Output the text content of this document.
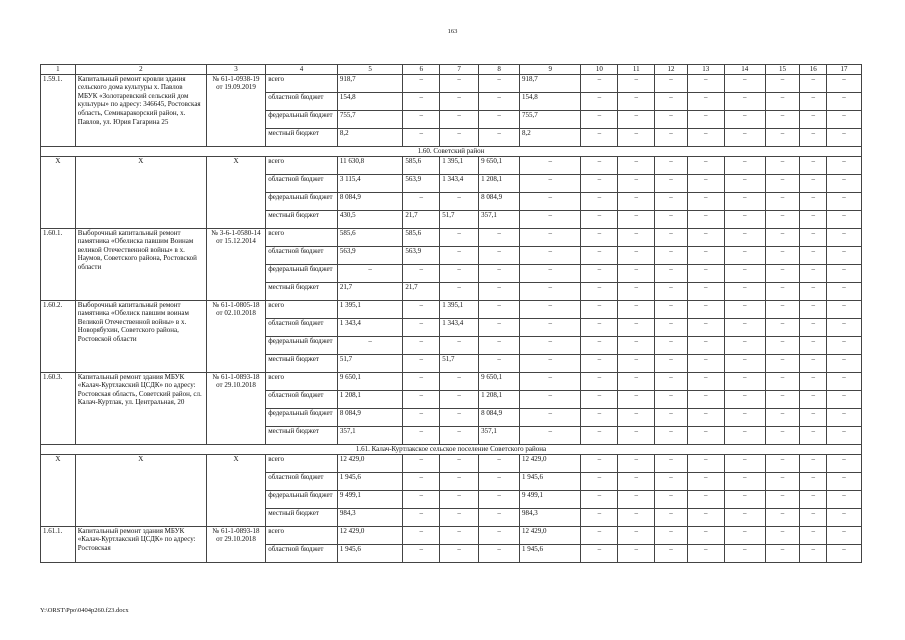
163
1	2	3	4	5	6	7	8	9	10	11	12	13	14	15	16	17
1.59.1.	Капитальный ремонт кровли здания сельского дома культуры х. Павлов МБУК «Золотаревский сельский дом культуры» по адресу: 346645, Ростовская область, Семикаракорский район, х. Павлов, ул. Юрия Гагарина 25	№ 61-1-0938-19 от 19.09.2019	всего	918,7	–	–	–	918,7	–	–	–	–	–	–	–	–
			областной бюджет	154,8	–	–	–	154,8	–	–	–	–	–	–	–	–
			федеральный бюджет	755,7	–	–	–	755,7	–	–	–	–	–	–	–	–
			местный бюджет	8,2	–	–	–	8,2	–	–	–	–	–	–	–	–
1.60. Советский район																
X	X	X	всего	11 630,8	585,6	1 395,1	9 650,1	–	–	–	–	–	–	–	–	–
			областной бюджет	3 115,4	563,9	1 343,4	1 208,1	–	–	–	–	–	–	–	–	–
			федеральный бюджет	8 084,9	–	–	8 084,9	–	–	–	–	–	–	–	–	–
			местный бюджет	430,5	21,7	51,7	357,1	–	–	–	–	–	–	–	–	–
1.60.1.	Выборочный капитальный ремонт памятника «Обелиска павшим Воинам великой Отечественной войны» в х. Наумов, Советского района, Ростовской области	№ 3-6-1-0580-14 от 15.12.2014	всего	585,6	585,6	–	–	–	–	–	–	–	–	–	–	–
			областной бюджет	563,9	563,9	–	–	–	–	–	–	–	–	–	–	–
			федеральный бюджет	–	–	–	–	–	–	–	–	–	–	–	–	–
			местный бюджет	21,7	21,7	–	–	–	–	–	–	–	–	–	–	–
1.60.2.	Выборочный капитальный ремонт памятника «Обелиск павшим воинам Великой Отечественной войны» в х. Новорябухин, Советского района, Ростовской области	№ 61-1-0805-18 от 02.10.2018	всего	1 395,1	–	1 395,1	–	–	–	–	–	–	–	–	–	–
			областной бюджет	1 343,4	–	1 343,4	–	–	–	–	–	–	–	–	–	–
			федеральный бюджет	–	–	–	–	–	–	–	–	–	–	–	–	–
			местный бюджет	51,7	–	51,7	–	–	–	–	–	–	–	–	–	–
1.60.3.	Капитальный ремонт здания МБУК «Калач-Куртлакский ЦСДК» по адресу: Ростовская область, Советский район, сл. Калач-Куртлак, ул. Центральная, 20	№ 61-1-0893-18 от 29.10.2018	всего	9 650,1	–	–	9 650,1	–	–	–	–	–	–	–	–	–
			областной бюджет	1 208,1	–	–	1 208,1	–	–	–	–	–	–	–	–	–
			федеральный бюджет	8 084,9	–	–	8 084,9	–	–	–	–	–	–	–	–	–
			местный бюджет	357,1	–	–	357,1	–	–	–	–	–	–	–	–	–
1.61. Калач-Куртлакское сельское поселение Советского района																
X	X	X	всего	12 429,0	–	–	–	12 429,0	–	–	–	–	–	–	–	–
			областной бюджет	1 945,6	–	–	–	1 945,6	–	–	–	–	–	–	–	–
			федеральный бюджет	9 499,1	–	–	–	9 499,1	–	–	–	–	–	–	–	–
			местный бюджет	984,3	–	–	–	984,3	–	–	–	–	–	–	–	–
1.61.1.	Капитальный ремонт здания МБУК «Калач-Куртлакский ЦСДК» по адресу: Ростовская	№ 61-1-0893-18 от 29.10.2018	всего	12 429,0	–	–	–	12 429,0	–	–	–	–	–	–	–	–
			областной бюджет	1 945,6	–	–	–	1 945,6	–	–	–	–	–	–	–	–
Y:\ORST\Ppo\0404p260.f23.docx
